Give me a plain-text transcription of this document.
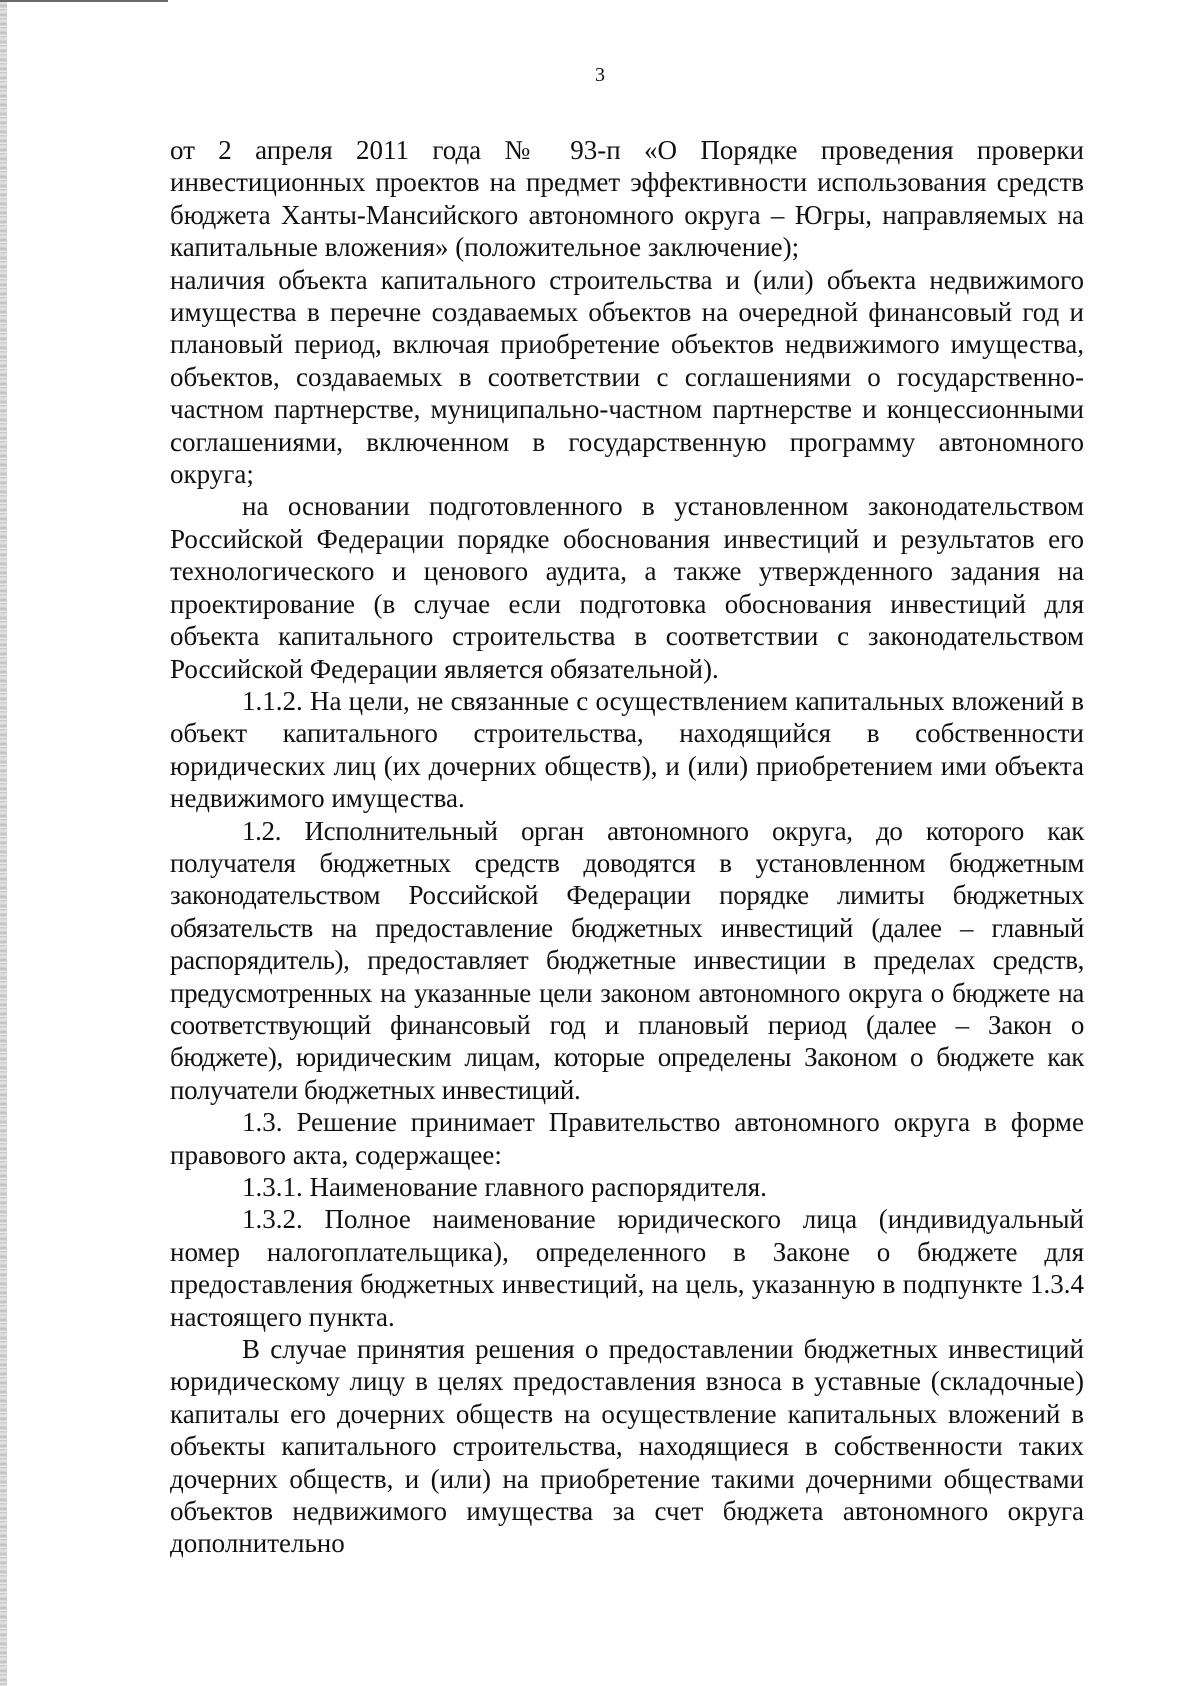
3

от 2 апреля 2011 года № 93-п «О Порядке проведения проверки инвестиционных проектов на предмет эффективности использования средств бюджета Ханты-Мансийского автономного округа – Югры, направляемых на капитальные вложения» (положительное заключение);

наличия объекта капитального строительства и (или) объекта недвижимого имущества в перечне создаваемых объектов на очередной финансовый год и плановый период, включая приобретение объектов недвижимого имущества, объектов, создаваемых в соответствии с соглашениями о государственно-частном партнерстве, муниципально-частном партнерстве и концессионными соглашениями, включенном в государственную программу автономного округа;

на основании подготовленного в установленном законодательством Российской Федерации порядке обоснования инвестиций и результатов его технологического и ценового аудита, а также утвержденного задания на проектирование (в случае если подготовка обоснования инвестиций для объекта капитального строительства в соответствии с законодательством Российской Федерации является обязательной).

1.1.2. На цели, не связанные с осуществлением капитальных вложений в объект капитального строительства, находящийся в собственности юридических лиц (их дочерних обществ), и (или) приобретением ими объекта недвижимого имущества.

1.2. Исполнительный орган автономного округа, до которого как получателя бюджетных средств доводятся в установленном бюджетным законодательством Российской Федерации порядке лимиты бюджетных обязательств на предоставление бюджетных инвестиций (далее – главный распорядитель), предоставляет бюджетные инвестиции в пределах средств, предусмотренных на указанные цели законом автономного округа о бюджете на соответствующий финансовый год и плановый период (далее – Закон о бюджете), юридическим лицам, которые определены Законом о бюджете как получатели бюджетных инвестиций.

1.3. Решение принимает Правительство автономного округа в форме правового акта, содержащее:

1.3.1. Наименование главного распорядителя.

1.3.2. Полное наименование юридического лица (индивидуальный номер налогоплательщика), определенного в Законе о бюджете для предоставления бюджетных инвестиций, на цель, указанную в подпункте 1.3.4 настоящего пункта.

В случае принятия решения о предоставлении бюджетных инвестиций юридическому лицу в целях предоставления взноса в уставные (складочные) капиталы его дочерних обществ на осуществление капитальных вложений в объекты капитального строительства, находящиеся в собственности таких дочерних обществ, и (или) на приобретение такими дочерними обществами объектов недвижимого имущества за счет бюджета автономного округа дополнительно
